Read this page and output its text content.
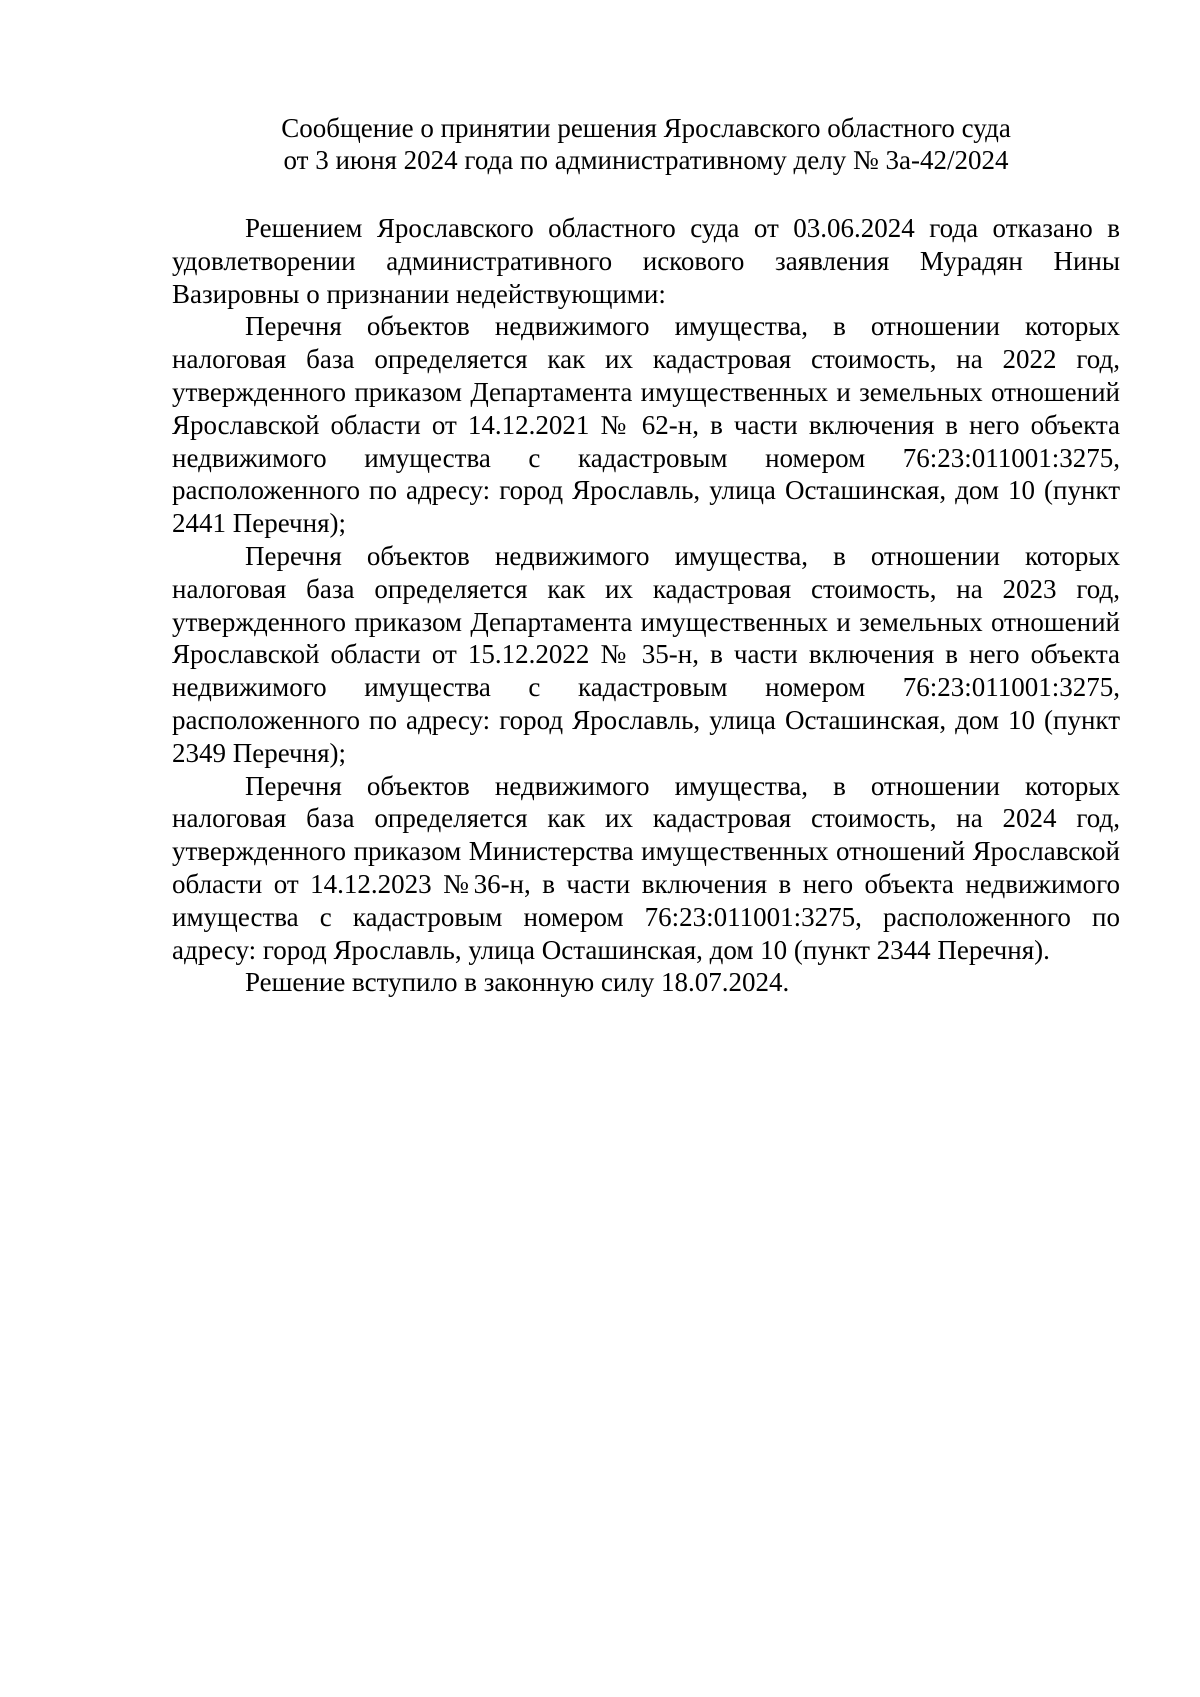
Сообщение о принятии решения Ярославского областного суда
от 3 июня 2024 года по административному делу № 3а-42/2024

Решением Ярославского областного суда от 03.06.2024 года отказано в удовлетворении административного искового заявления Мурадян Нины Вазировны о признании недействующими:

Перечня объектов недвижимого имущества, в отношении которых налоговая база определяется как их кадастровая стоимость, на 2022 год, утвержденного приказом Департамента имущественных и земельных отношений Ярославской области от 14.12.2021 № 62-н, в части включения в него объекта недвижимого имущества с кадастровым номером 76:23:011001:3275, расположенного по адресу: город Ярославль, улица Осташинская, дом 10 (пункт 2441 Перечня);

Перечня объектов недвижимого имущества, в отношении которых налоговая база определяется как их кадастровая стоимость, на 2023 год, утвержденного приказом Департамента имущественных и земельных отношений Ярославской области от 15.12.2022 № 35-н, в части включения в него объекта недвижимого имущества с кадастровым номером 76:23:011001:3275, расположенного по адресу: город Ярославль, улица Осташинская, дом 10 (пункт 2349 Перечня);

Перечня объектов недвижимого имущества, в отношении которых налоговая база определяется как их кадастровая стоимость, на 2024 год, утвержденного приказом Министерства имущественных отношений Ярославской области от 14.12.2023 №36-н, в части включения в него объекта недвижимого имущества с кадастровым номером 76:23:011001:3275, расположенного по адресу: город Ярославль, улица Осташинская, дом 10 (пункт 2344 Перечня).

Решение вступило в законную силу 18.07.2024.
